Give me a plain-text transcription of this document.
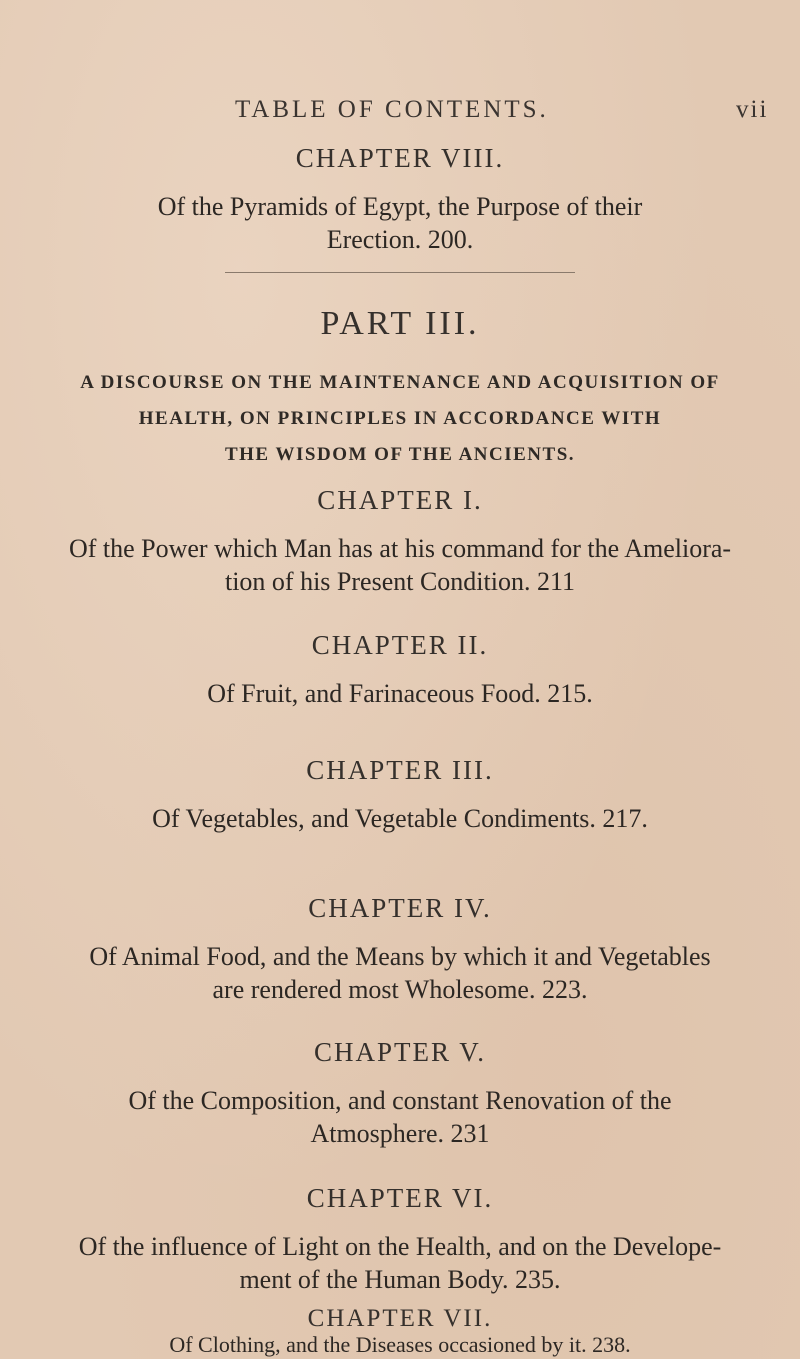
TABLE OF CONTENTS.	vii
CHAPTER VIII.
Of the Pyramids of Egypt, the Purpose of their
Erection. 200.
PART III.
A DISCOURSE ON THE MAINTENANCE AND ACQUISITION OF
HEALTH, ON PRINCIPLES IN ACCORDANCE WITH
THE WISDOM OF THE ANCIENTS.
CHAPTER I.
Of the Power which Man has at his command for the Ameliora-
tion of his Present Condition. 211
CHAPTER II.
Of Fruit, and Farinaceous Food. 215.
CHAPTER III.
Of Vegetables, and Vegetable Condiments. 217.
CHAPTER IV.
Of Animal Food, and the Means by which it and Vegetables
are rendered most Wholesome. 223.
CHAPTER V.
Of the Composition, and constant Renovation of the
Atmosphere. 231
CHAPTER VI.
Of the influence of Light on the Health, and on the Develope-
ment of the Human Body. 235.
CHAPTER VII.
Of Clothing, and the Diseases occasioned by it. 238.
